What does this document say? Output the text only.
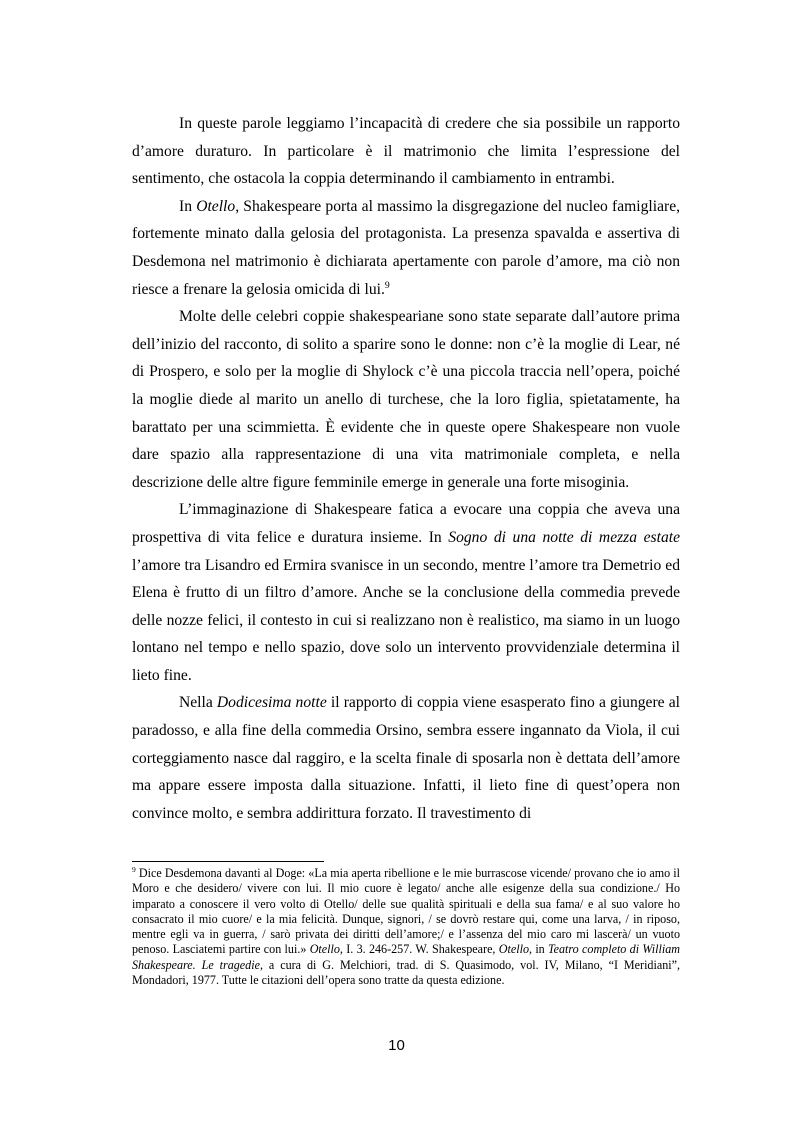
In queste parole leggiamo l’incapacità di credere che sia possibile un rapporto d’amore duraturo. In particolare è il matrimonio che limita l’espressione del sentimento, che ostacola la coppia determinando il cambiamento in entrambi.

In Otello, Shakespeare porta al massimo la disgregazione del nucleo famigliare, fortemente minato dalla gelosia del protagonista. La presenza spavalda e assertiva di Desdemona nel matrimonio è dichiarata apertamente con parole d’amore, ma ciò non riesce a frenare la gelosia omicida di lui.$^9$

Molte delle celebri coppie shakespeariane sono state separate dall’autore prima dell’inizio del racconto, di solito a sparire sono le donne: non c’è la moglie di Lear, né di Prospero, e solo per la moglie di Shylock c’è una piccola traccia nell’opera, poiché la moglie diede al marito un anello di turchese, che la loro figlia, spietatamente, ha barattato per una scimmietta. È evidente che in queste opere Shakespeare non vuole dare spazio alla rappresentazione di una vita matrimoniale completa, e nella descrizione delle altre figure femminile emerge in generale una forte misoginia.

L’immaginazione di Shakespeare fatica a evocare una coppia che aveva una prospettiva di vita felice e duratura insieme. In Sogno di una notte di mezza estate l’amore tra Lisandro ed Ermira svanisce in un secondo, mentre l’amore tra Demetrio ed Elena è frutto di un filtro d’amore. Anche se la conclusione della commedia prevede delle nozze felici, il contesto in cui si realizzano non è realistico, ma siamo in un luogo lontano nel tempo e nello spazio, dove solo un intervento provvidenziale determina il lieto fine.

Nella Dodicesima notte il rapporto di coppia viene esasperato fino a giungere al paradosso, e alla fine della commedia Orsino, sembra essere ingannato da Viola, il cui corteggiamento nasce dal raggiro, e la scelta finale di sposarla non è dettata dell’amore ma appare essere imposta dalla situazione. Infatti, il lieto fine di quest’opera non convince molto, e sembra addirittura forzato. Il travestimento di

$^9$ Dice Desdemona davanti al Doge: «La mia aperta ribellione e le mie burrascose vicende/ provano che io amo il Moro e che desidero/ vivere con lui. Il mio cuore è legato/ anche alle esigenze della sua condizione./ Ho imparato a conoscere il vero volto di Otello/ delle sue qualità spirituali e della sua fama/ e al suo valore ho consacrato il mio cuore/ e la mia felicità. Dunque, signori, / se dovrò restare qui, come una larva, / in riposo, mentre egli va in guerra, / sarò privata dei diritti dell’amore;/ e l’assenza del mio caro mi lascerà/ un vuoto penoso. Lasciatemi partire con lui.» Otello, I. 3. 246-257. W. Shakespeare, Otello, in Teatro completo di William Shakespeare. Le tragedie, a cura di G. Melchiori, trad. di S. Quasimodo, vol. IV, Milano, “I Meridiani”, Mondadori, 1977. Tutte le citazioni dell’opera sono tratte da questa edizione.

10
